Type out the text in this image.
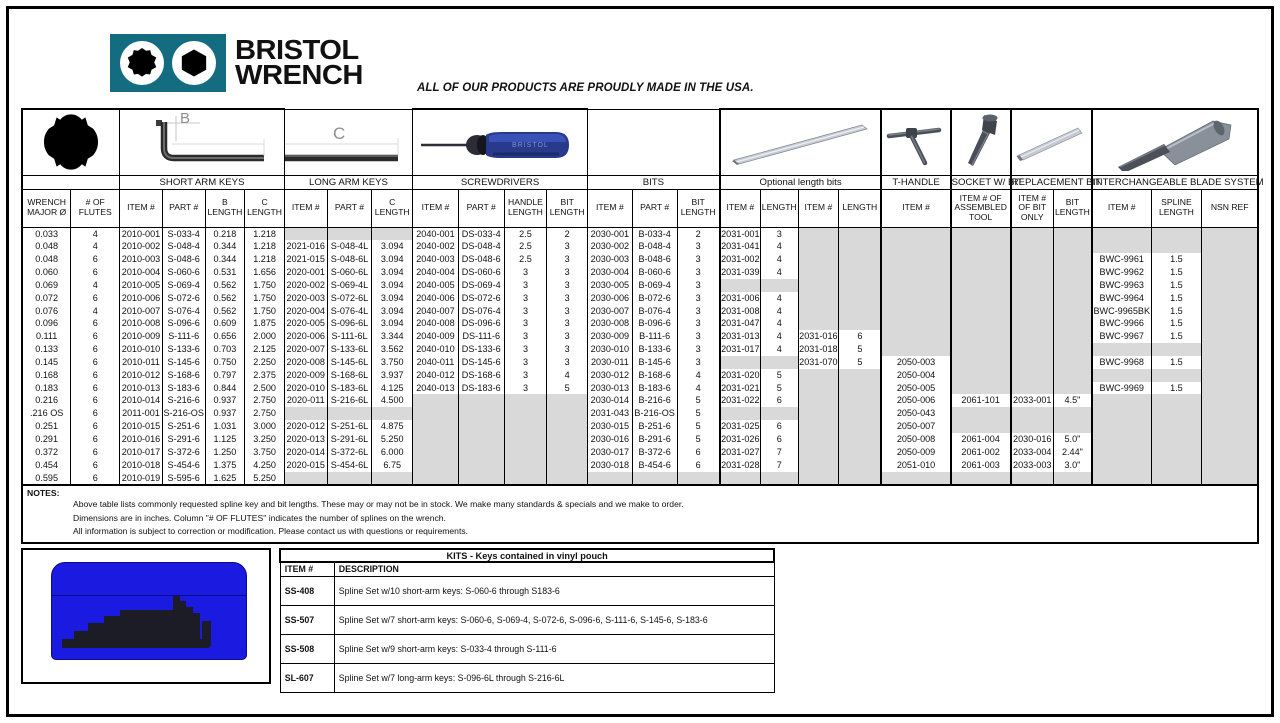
BRISTOL
WRENCH	ALL OF OUR PRODUCTS ARE PROUDLY MADE IN THE USA.

B				C			BRISTOL

		SHORT ARM KEYS				LONG ARM KEYS			SCREWDRIVERS				BITS			Optional length bits				T-HANDLE	SOCKET W/ BIT	REPLACEMENT BIT		INTERCHANGEABLE BLADE SYSTEM		
WRENCH MAJOR Ø	# OF FLUTES	ITEM #	PART #	B LENGTH	C LENGTH	ITEM #	PART #	C LENGTH	ITEM #	PART #	HANDLE LENGTH	BIT LENGTH	ITEM #	PART #	BIT LENGTH	ITEM #	LENGTH	ITEM #	LENGTH	ITEM #	ITEM # OF ASSEMBLED TOOL	ITEM # OF BIT ONLY	BIT LENGTH	ITEM #	SPLINE LENGTH	NSN REF
0.033	4	2010-001	S-033-4	0.218	1.218				2040-001	DS-033-4	2.5	2	2030-001	B-033-4	2	2031-001	3									
0.048	4	2010-002	S-048-4	0.344	1.218	2021-016	S-048-4L	3.094	2040-002	DS-048-4	2.5	3	2030-002	B-048-4	3	2031-041	4									
0.048	6	2010-003	S-048-6	0.344	1.218	2021-015	S-048-6L	3.094	2040-003	DS-048-6	2.5	3	2030-003	B-048-6	3	2031-002	4							BWC-9961	1.5	
0.060	6	2010-004	S-060-6	0.531	1.656	2020-001	S-060-6L	3.094	2040-004	DS-060-6	3	3	2030-004	B-060-6	3	2031-039	4							BWC-9962	1.5	
0.069	4	2010-005	S-069-4	0.562	1.750	2020-002	S-069-4L	3.094	2040-005	DS-069-4	3	3	2030-005	B-069-4	3									BWC-9963	1.5	
0.072	6	2010-006	S-072-6	0.562	1.750	2020-003	S-072-6L	3.094	2040-006	DS-072-6	3	3	2030-006	B-072-6	3	2031-006	4							BWC-9964	1.5	
0.076	4	2010-007	S-076-4	0.562	1.750	2020-004	S-076-4L	3.094	2040-007	DS-076-4	3	3	2030-007	B-076-4	3	2031-008	4							BWC-9965BK	1.5	
0.096	6	2010-008	S-096-6	0.609	1.875	2020-005	S-096-6L	3.094	2040-008	DS-096-6	3	3	2030-008	B-096-6	3	2031-047	4							BWC-9966	1.5	
0.111	6	2010-009	S-111-6	0.656	2.000	2020-006	S-111-6L	3.344	2040-009	DS-111-6	3	3	2030-009	B-111-6	3	2031-013	4	2031-016	6					BWC-9967	1.5	
0.133	6	2010-010	S-133-6	0.703	2.125	2020-007	S-133-6L	3.562	2040-010	DS-133-6	3	3	2030-010	B-133-6	3	2031-017	4	2031-018	5							
0.145	6	2010-011	S-145-6	0.750	2.250	2020-008	S-145-6L	3.750	2040-011	DS-145-6	3	3	2030-011	B-145-6	3			2031-070	5	2050-003				BWC-9968	1.5	
0.168	6	2010-012	S-168-6	0.797	2.375	2020-009	S-168-6L	3.937	2040-012	DS-168-6	3	4	2030-012	B-168-6	4	2031-020	5			2050-004						
0.183	6	2010-013	S-183-6	0.844	2.500	2020-010	S-183-6L	4.125	2040-013	DS-183-6	3	5	2030-013	B-183-6	4	2031-021	5			2050-005				BWC-9969	1.5	
0.216	6	2010-014	S-216-6	0.937	2.750	2020-011	S-216-6L	4.500					2030-014	B-216-6	5	2031-022	6			2050-006	2061-101	2033-001	4.5"			
.216 OS	6	2011-001	S-216-OS	0.937	2.750								2031-043	B-216-OS	5					2050-043						
0.251	6	2010-015	S-251-6	1.031	3.000	2020-012	S-251-6L	4.875					2030-015	B-251-6	5	2031-025	6			2050-007						
0.291	6	2010-016	S-291-6	1.125	3.250	2020-013	S-291-6L	5.250					2030-016	B-291-6	5	2031-026	6			2050-008	2061-004	2030-016	5.0"			
0.372	6	2010-017	S-372-6	1.250	3.750	2020-014	S-372-6L	6.000					2030-017	B-372-6	6	2031-027	7			2050-009	2061-002	2033-004	2.44"			
0.454	6	2010-018	S-454-6	1.375	4.250	2020-015	S-454-6L	6.75					2030-018	B-454-6	6	2031-028	7			2051-010	2061-003	2033-003	3.0"			
0.595	6	2010-019	S-595-6	1.625	5.250																					
NOTES:
Above table lists commonly requested spline key and bit lengths. These may or may not be in stock. We make many standards & specials and we make to order.
Dimensions are in inches. Column "# OF FLUTES" indicates the number of splines on the wrench.
All information is subject to correction or modification. Please contact us with questions or requirements.
KITS - Keys contained in vinyl pouch	
ITEM #	DESCRIPTION
SS-408	Spline Set w/10 short-arm keys: S-060-6 through S183-6
SS-507	Spline Set w/7 short-arm keys: S-060-6, S-069-4, S-072-6, S-096-6, S-111-6, S-145-6, S-183-6
SS-508	Spline Set w/9 short-arm keys: S-033-4 through S-111-6
SL-607	Spline Set w/7 long-arm keys: S-096-6L through S-216-6L
